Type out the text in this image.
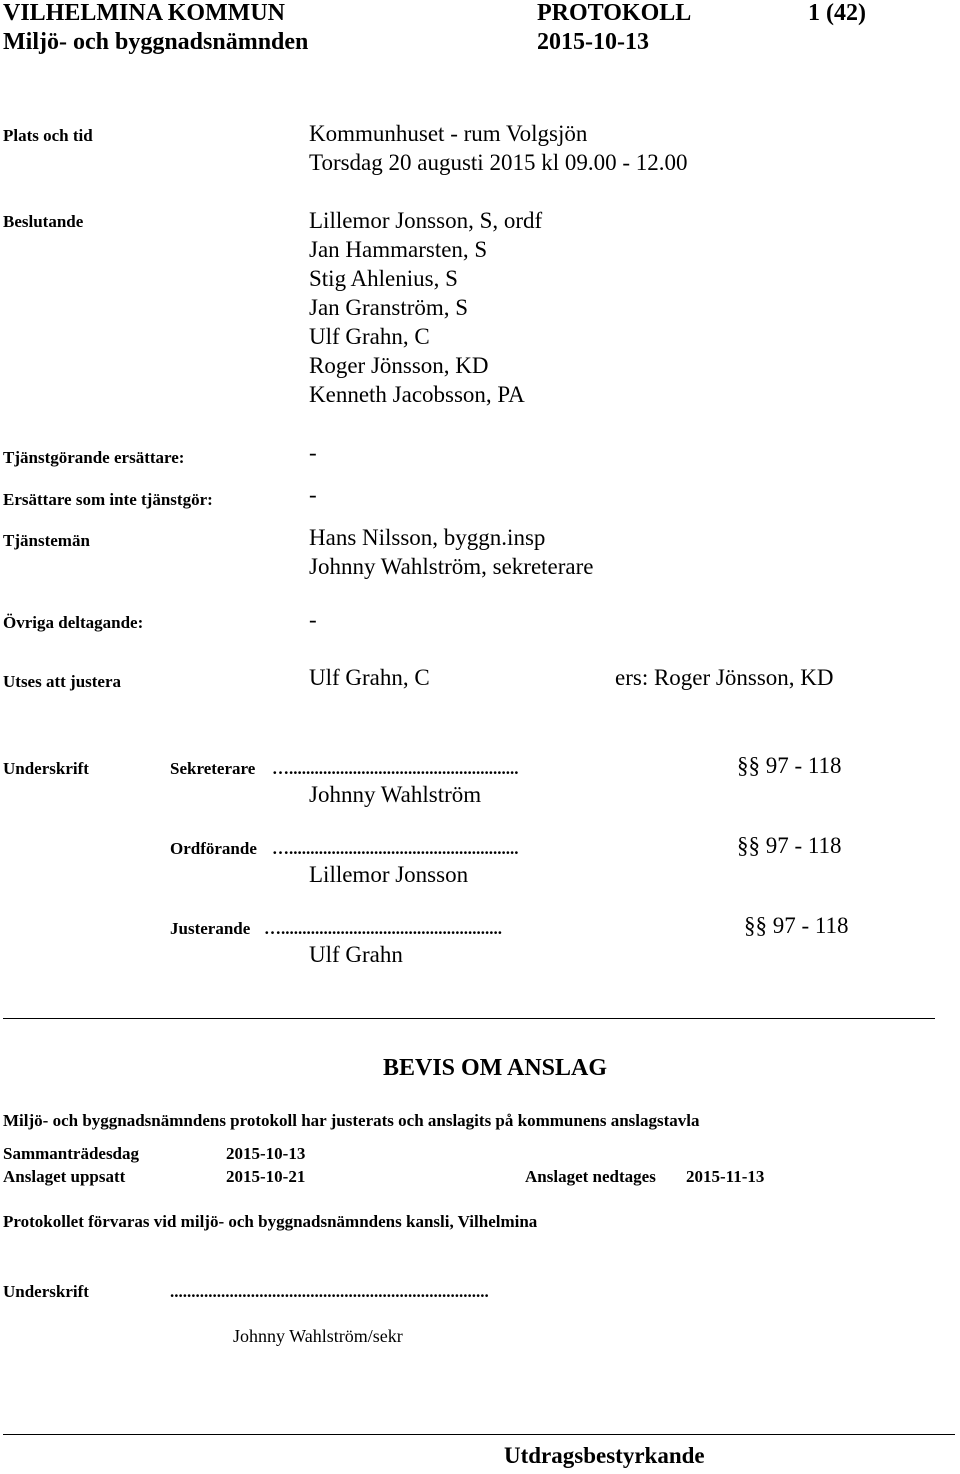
VILHELMINA KOMMUN	PROTOKOLL	1 (42)
Miljö- och byggnadsnämnden	2015-10-13
Plats och tid	Kommunhuset - rum Volgsjön
Torsdag 20 augusti 2015 kl 09.00 - 12.00
Beslutande	Lillemor Jonsson, S, ordf
Jan Hammarsten, S
Stig Ahlenius, S
Jan Granström, S
Ulf Grahn, C
Roger Jönsson, KD
Kenneth Jacobsson, PA
Tjänstgörande ersättare:	-
Ersättare som inte tjänstgör:	-
Tjänstemän	Hans Nilsson, byggn.insp
Johnny Wahlström, sekreterare
Övriga deltagande:	-
Utses att justera	Ulf Grahn, C	ers: Roger Jönsson, KD
Underskrift	Sekreterare …......................................................	§§ 97 - 118
Johnny Wahlström
Ordförande …......................................................	§§ 97 - 118
Lillemor Jonsson
Justerande …....................................................	§§ 97 - 118
Ulf Grahn
BEVIS OM ANSLAG
Miljö- och byggnadsnämndens protokoll har justerats och anslagits på kommunens anslagstavla
Sammanträdesdag	2015-10-13
Anslaget uppsatt	2015-10-21	Anslaget nedtages 2015-11-13
Protokollet förvaras vid miljö- och byggnadsnämndens kansli, Vilhelmina
Underskrift	...........................................................................
Johnny Wahlström/sekr
Utdragsbestyrkande
